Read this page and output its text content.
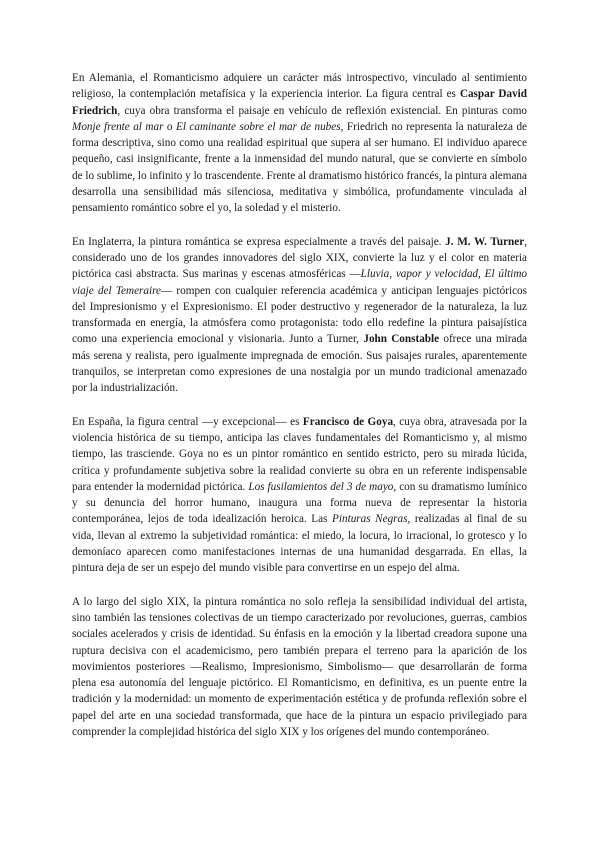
En Alemania, el Romanticismo adquiere un carácter más introspectivo, vinculado al sentimiento religioso, la contemplación metafísica y la experiencia interior. La figura central es Caspar David Friedrich, cuya obra transforma el paisaje en vehículo de reflexión existencial. En pinturas como Monje frente al mar o El caminante sobre el mar de nubes, Friedrich no representa la naturaleza de forma descriptiva, sino como una realidad espiritual que supera al ser humano. El individuo aparece pequeño, casi insignificante, frente a la inmensidad del mundo natural, que se convierte en símbolo de lo sublime, lo infinito y lo trascendente. Frente al dramatismo histórico francés, la pintura alemana desarrolla una sensibilidad más silenciosa, meditativa y simbólica, profundamente vinculada al pensamiento romántico sobre el yo, la soledad y el misterio.

En Inglaterra, la pintura romántica se expresa especialmente a través del paisaje. J. M. W. Turner, considerado uno de los grandes innovadores del siglo XIX, convierte la luz y el color en materia pictórica casi abstracta. Sus marinas y escenas atmosféricas —Lluvia, vapor y velocidad, El último viaje del Temeraire— rompen con cualquier referencia académica y anticipan lenguajes pictóricos del Impresionismo y el Expresionismo. El poder destructivo y regenerador de la naturaleza, la luz transformada en energía, la atmósfera como protagonista: todo ello redefine la pintura paisajística como una experiencia emocional y visionaria. Junto a Turner, John Constable ofrece una mirada más serena y realista, pero igualmente impregnada de emoción. Sus paisajes rurales, aparentemente tranquilos, se interpretan como expresiones de una nostalgia por un mundo tradicional amenazado por la industrialización.

En España, la figura central —y excepcional— es Francisco de Goya, cuya obra, atravesada por la violencia histórica de su tiempo, anticipa las claves fundamentales del Romanticismo y, al mismo tiempo, las trasciende. Goya no es un pintor romántico en sentido estricto, pero su mirada lúcida, crítica y profundamente subjetiva sobre la realidad convierte su obra en un referente indispensable para entender la modernidad pictórica. Los fusilamientos del 3 de mayo, con su dramatismo lumínico y su denuncia del horror humano, inaugura una forma nueva de representar la historia contemporánea, lejos de toda idealización heroica. Las Pinturas Negras, realizadas al final de su vida, llevan al extremo la subjetividad romántica: el miedo, la locura, lo irracional, lo grotesco y lo demoníaco aparecen como manifestaciones internas de una humanidad desgarrada. En ellas, la pintura deja de ser un espejo del mundo visible para convertirse en un espejo del alma.

A lo largo del siglo XIX, la pintura romántica no solo refleja la sensibilidad individual del artista, sino también las tensiones colectivas de un tiempo caracterizado por revoluciones, guerras, cambios sociales acelerados y crisis de identidad. Su énfasis en la emoción y la libertad creadora supone una ruptura decisiva con el academicismo, pero también prepara el terreno para la aparición de los movimientos posteriores —Realismo, Impresionismo, Simbolismo— que desarrollarán de forma plena esa autonomía del lenguaje pictórico. El Romanticismo, en definitiva, es un puente entre la tradición y la modernidad: un momento de experimentación estética y de profunda reflexión sobre el papel del arte en una sociedad transformada, que hace de la pintura un espacio privilegiado para comprender la complejidad histórica del siglo XIX y los orígenes del mundo contemporáneo.
